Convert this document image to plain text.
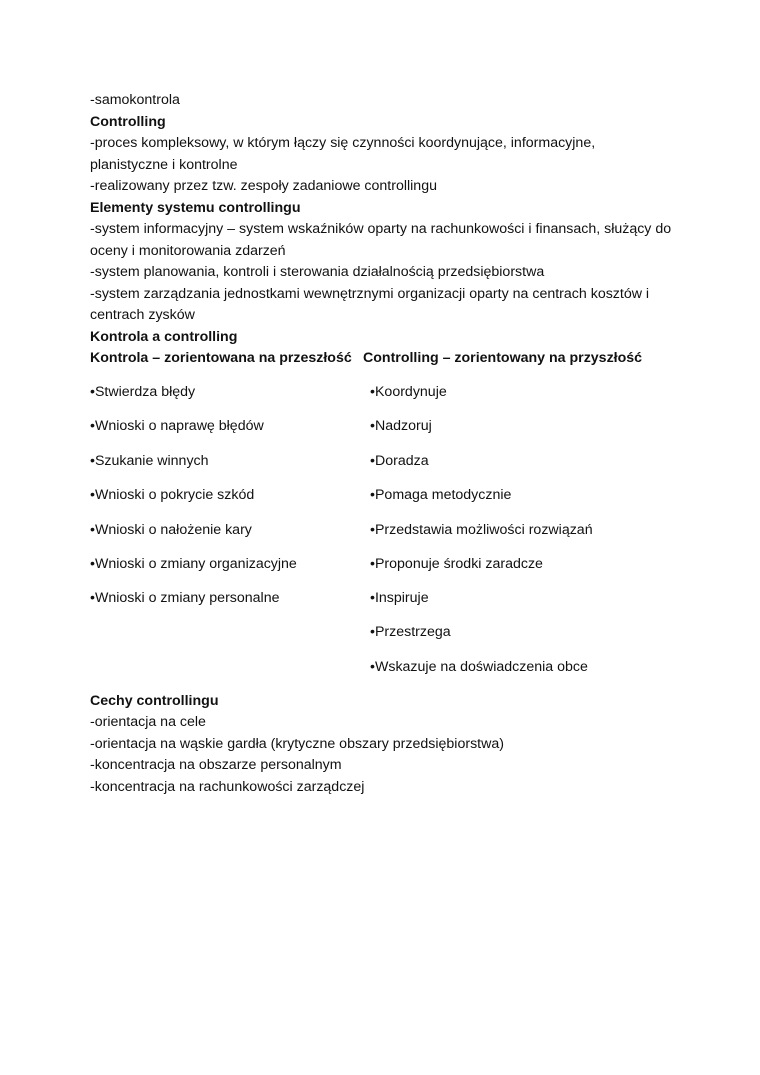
-samokontrola

Controlling

-proces kompleksowy, w którym łączy się czynności koordynujące, informacyjne,

planistyczne i kontrolne

-realizowany przez tzw. zespoły zadaniowe controllingu

Elementy systemu controllingu

-system informacyjny – system wskaźników oparty na rachunkowości i finansach, służący do

oceny i monitorowania zdarzeń

-system planowania, kontroli i sterowania działalnością przedsiębiorstwa

-system zarządzania jednostkami wewnętrznymi organizacji oparty na centrach kosztów i

centrach zysków

Kontrola a controlling

Kontrola – zorientowana na przeszłość Controlling – zorientowany na przyszłość

•Stwierdza błędy

•Wnioski o naprawę błędów

•Szukanie winnych

•Wnioski o pokrycie szkód

•Wnioski o nałożenie kary

•Wnioski o zmiany organizacyjne

•Wnioski o zmiany personalne

•Koordynuje

•Nadzoruj

•Doradza

•Pomaga metodycznie

•Przedstawia możliwości rozwiązań

•Proponuje środki zaradcze

•Inspiruje

•Przestrzega

•Wskazuje na doświadczenia obce

Cechy controllingu

-orientacja na cele

-orientacja na wąskie gardła (krytyczne obszary przedsiębiorstwa)

-koncentracja na obszarze personalnym

-koncentracja na rachunkowości zarządczej
